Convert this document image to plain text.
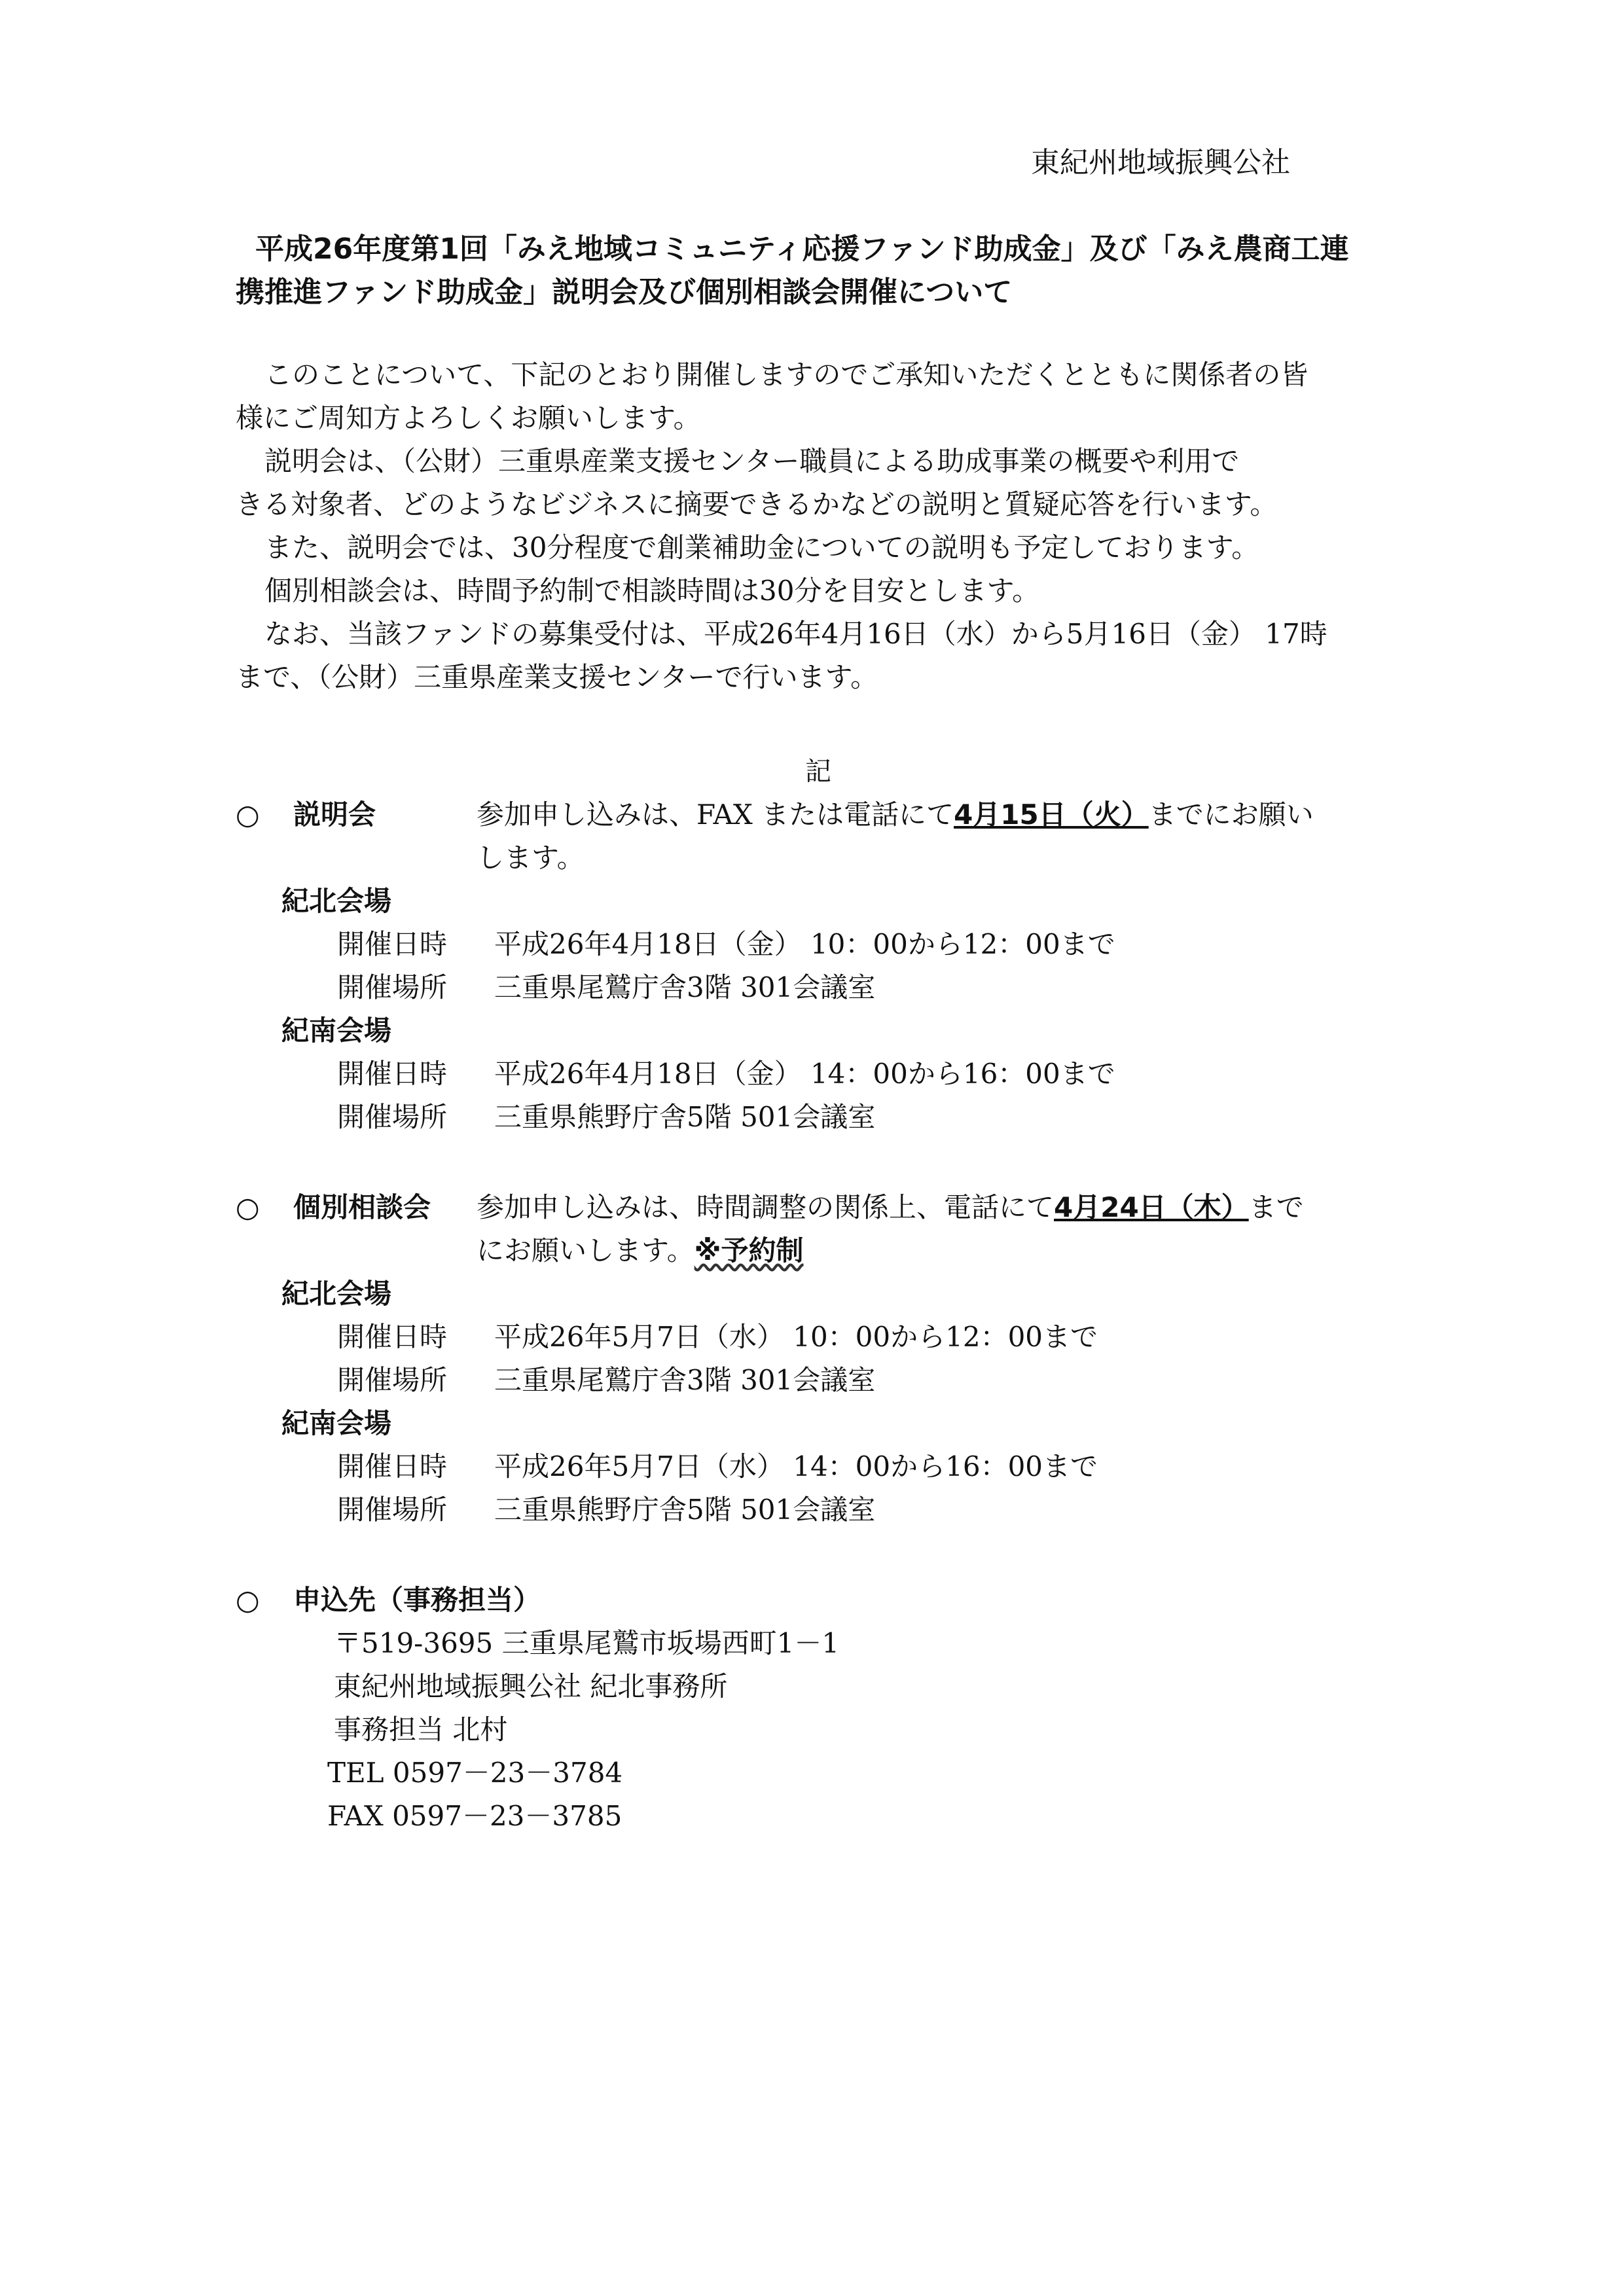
東紀州地域振興公社
平成26年度第1回「みえ地域コミュニティ応援ファンド助成金」及び「みえ農商工連
携推進ファンド助成金」説明会及び個別相談会開催について

このことについて、下記のとおり開催しますのでご承知いただくとともに関係者の皆

様にご周知方よろしくお願いします。

説明会は、（公財）三重県産業支援センター職員による助成事業の概要や利用で

きる対象者、どのようなビジネスに摘要できるかなどの説明と質疑応答を行います。

また、説明会では、30分程度で創業補助金についての説明も予定しております。

個別相談会は、時間予約制で相談時間は30分を目安とします。

なお、当該ファンドの募集受付は、平成26年4月16日（水）から5月16日（金） 17時

まで、（公財）三重県産業支援センターで行います。

記
○	説明会	参加申し込みは、FAX または電話にて4月15日（火）までにお願い
します。
紀北会場
開催日時 平成26年4月18日（金） 10：00から12：00まで
開催場所 三重県尾鷲庁舎3階 301会議室
紀南会場
開催日時 平成26年4月18日（金） 14：00から16：00まで
開催場所 三重県熊野庁舎5階 501会議室
○	個別相談会 参加申し込みは、時間調整の関係上、電話にて4月24日（木）まで
にお願いします。※予約制
紀北会場
開催日時 平成26年5月7日（水） 10：00から12：00まで
開催場所 三重県尾鷲庁舎3階 301会議室
紀南会場
開催日時 平成26年5月7日（水） 14：00から16：00まで
開催場所 三重県熊野庁舎5階 501会議室
○	申込先（事務担当）
〒519-3695 三重県尾鷲市坂場西町1－1
東紀州地域振興公社 紀北事務所
事務担当 北村
TEL 0597－23－3784
FAX 0597－23－3785
